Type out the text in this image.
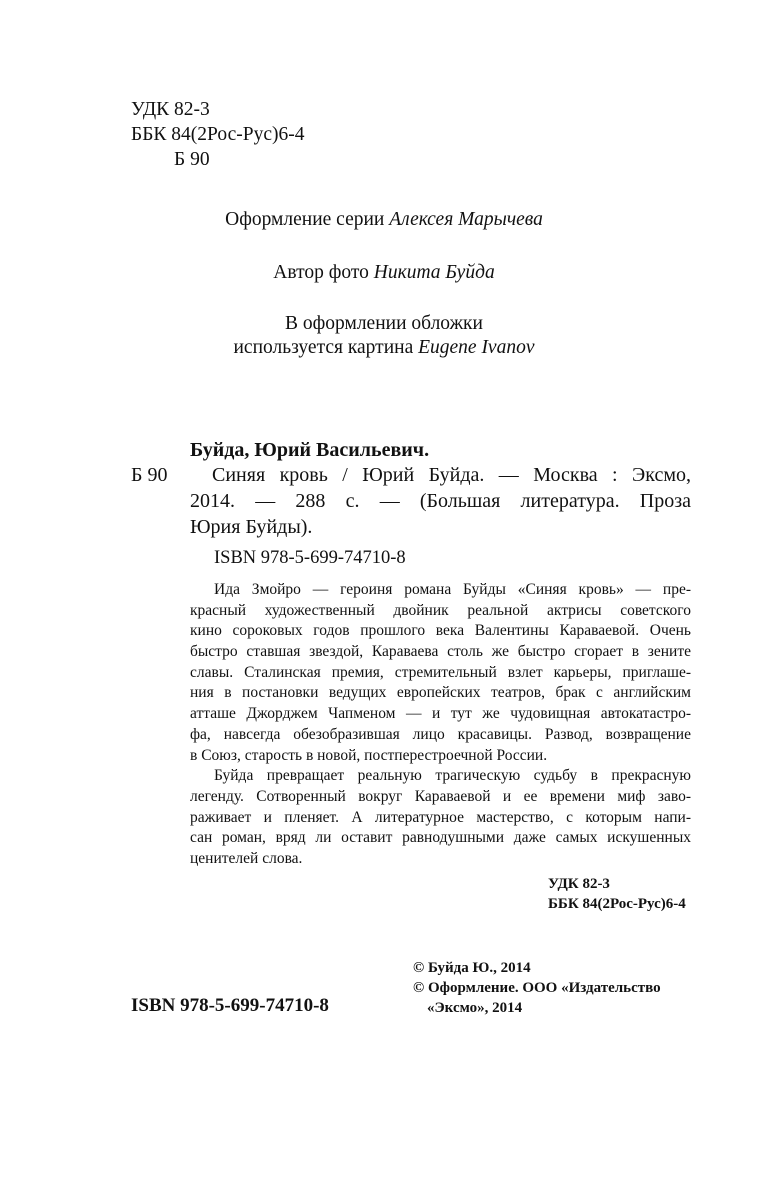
УДК 82-3
ББК 84(2Рос-Рус)6-4
Б 90
Оформление серии Алексея Марычева
Автор фото Никита Буйда
В оформлении обложки
используется картина Eugene Ivanov
Буйда, Юрий Васильевич.
Б 90	Синяя кровь / Юрий Буйда. — Москва : Эксмо,
2014. — 288 с. — (Большая литература. Проза
Юрия Буйды).
ISBN 978-5-699-74710-8
Ида Змойро — героиня романа Буйды «Синяя кровь» — пре-
красный художественный двойник реальной актрисы советского
кино сороковых годов прошлого века Валентины Караваевой. Очень
быстро ставшая звездой, Караваева столь же быстро сгорает в зените
славы. Сталинская премия, стремительный взлет карьеры, приглаше-
ния в постановки ведущих европейских театров, брак с английским
атташе Джорджем Чапменом — и тут же чудовищная автокатастро-
фа, навсегда обезобразившая лицо красавицы. Развод, возвращение
в Союз, старость в новой, постперестроечной России.
Буйда превращает реальную трагическую судьбу в прекрасную
легенду. Сотворенный вокруг Караваевой и ее времени миф заво-
раживает и пленяет. А литературное мастерство, с которым напи-
сан роман, вряд ли оставит равнодушными даже самых искушенных
ценителей слова.
УДК 82-3
ББК 84(2Рос-Рус)6-4
© Буйда Ю., 2014
© Оформление. ООО «Издательство
«Эксмо», 2014
ISBN 978-5-699-74710-8
